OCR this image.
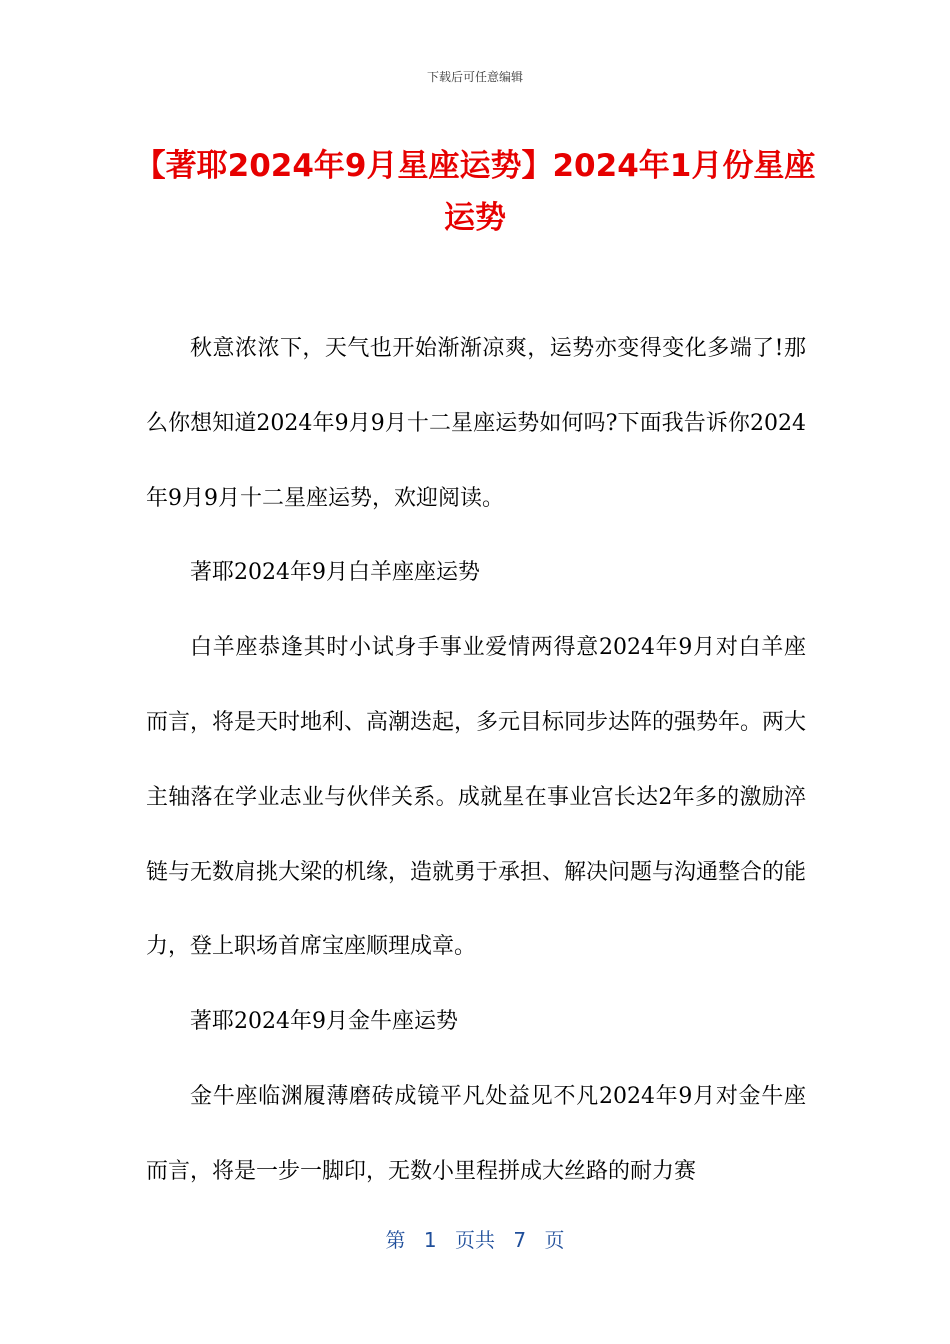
下载后可任意编辑
【著耶2024年9月星座运势】2024年1月份星座运势

秋意浓浓下，天气也开始渐渐凉爽，运势亦变得变化多端了!那么你想知道2024年9月9月十二星座运势如何吗?下面我告诉你2024年9月9月十二星座运势，欢迎阅读。

著耶2024年9月白羊座座运势

白羊座恭逢其时小试身手事业爱情两得意2024年9月对白羊座而言，将是天时地利、高潮迭起，多元目标同步达阵的强势年。两大主轴落在学业志业与伙伴关系。成就星在事业宫长达2年多的激励淬链与无数肩挑大梁的机缘，造就勇于承担、解决问题与沟通整合的能力，登上职场首席宝座顺理成章。

著耶2024年9月金牛座运势

金牛座临渊履薄磨砖成镜平凡处益见不凡2024年9月对金牛座而言，将是一步一脚印，无数小里程拼成大丝路的耐力赛

第 1 页共 7 页
